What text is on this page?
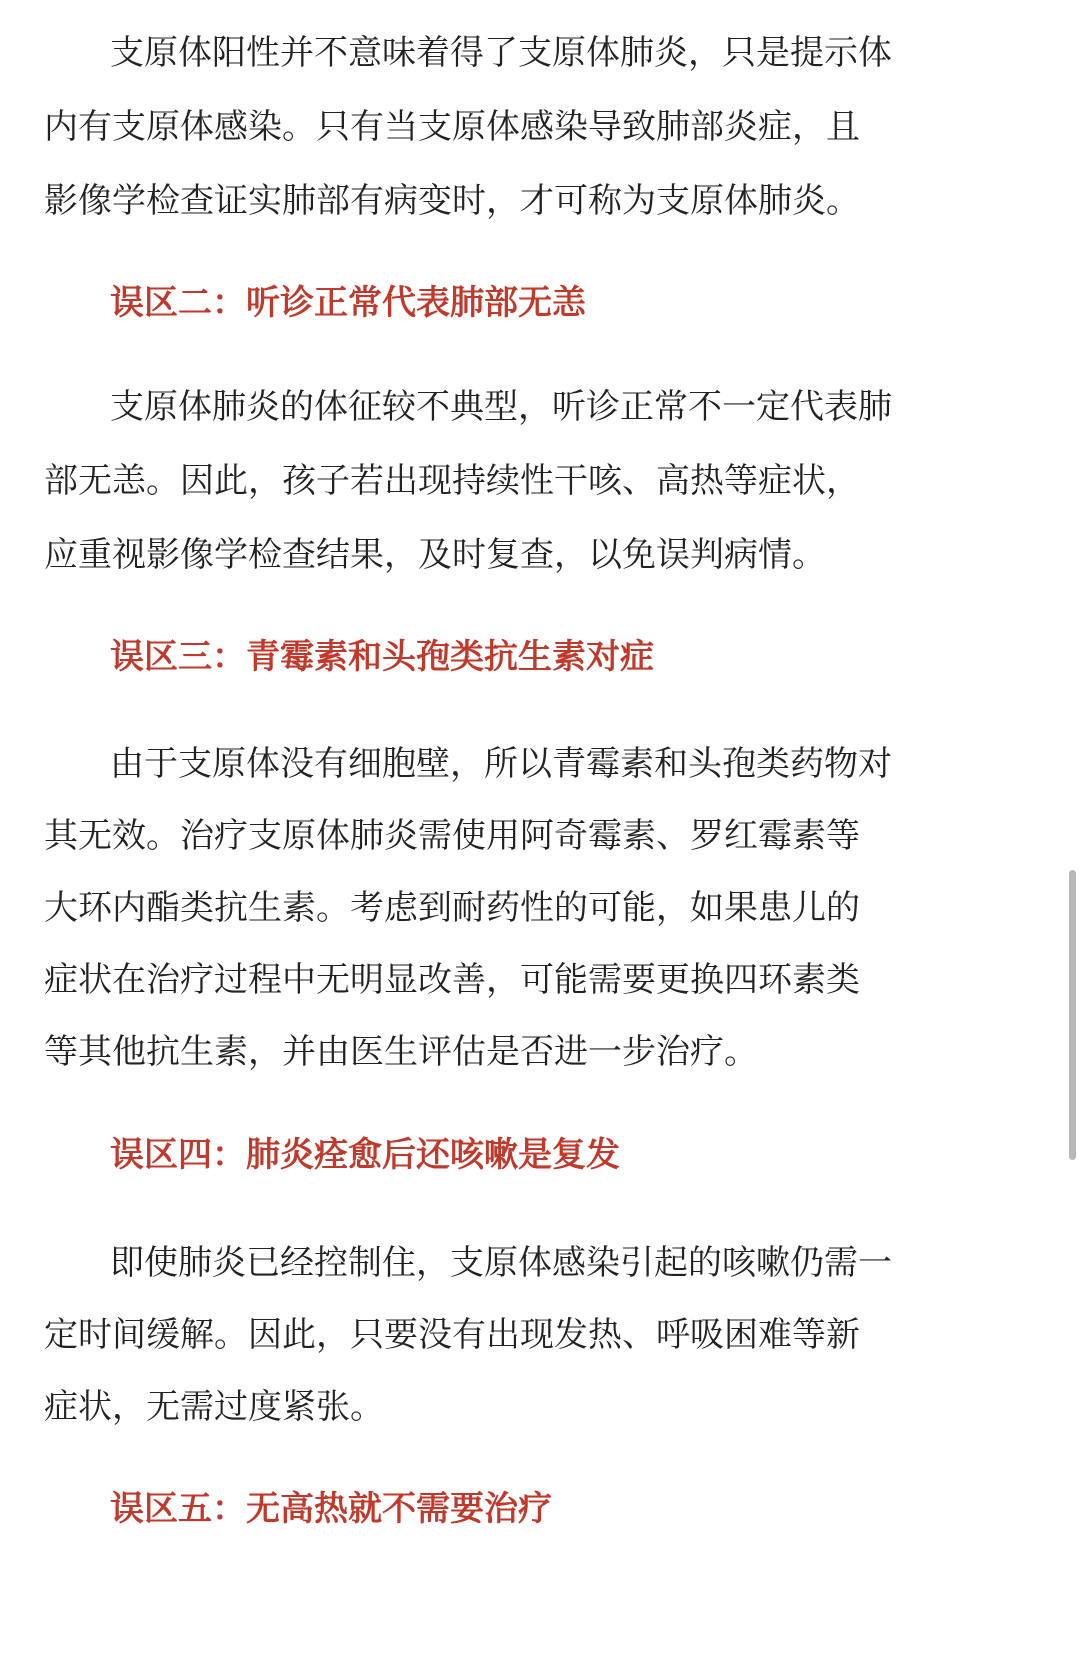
支原体阳性并不意味着得了支原体肺炎，只是提示体
内有支原体感染。只有当支原体感染导致肺部炎症，且
影像学检查证实肺部有病变时，才可称为支原体肺炎。
误区二：听诊正常代表肺部无恙
支原体肺炎的体征较不典型，听诊正常不一定代表肺
部无恙。因此，孩子若出现持续性干咳、高热等症状，
应重视影像学检查结果，及时复查，以免误判病情。
误区三：青霉素和头孢类抗生素对症
由于支原体没有细胞壁，所以青霉素和头孢类药物对
其无效。治疗支原体肺炎需使用阿奇霉素、罗红霉素等
大环内酯类抗生素。考虑到耐药性的可能，如果患儿的
症状在治疗过程中无明显改善，可能需要更换四环素类
等其他抗生素，并由医生评估是否进一步治疗。
误区四：肺炎痊愈后还咳嗽是复发
即使肺炎已经控制住，支原体感染引起的咳嗽仍需一
定时间缓解。因此，只要没有出现发热、呼吸困难等新
症状，无需过度紧张。
误区五：无高热就不需要治疗
